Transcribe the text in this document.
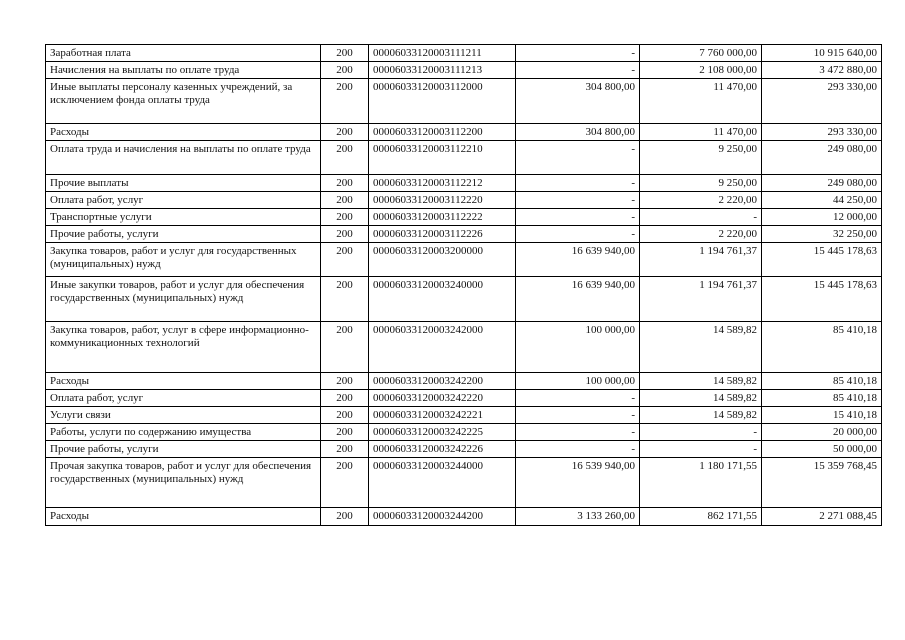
Заработная плата	200	00006033120003111211	-	7 760 000,00	10 915 640,00
Начисления на выплаты по оплате труда	200	00006033120003111213	-	2 108 000,00	3 472 880,00
Иные выплаты персоналу казенных учреждений, за исключением фонда оплаты труда	200	00006033120003112000	304 800,00	11 470,00	293 330,00
Расходы	200	00006033120003112200	304 800,00	11 470,00	293 330,00
Оплата труда и начисления на выплаты по оплате труда	200	00006033120003112210	-	9 250,00	249 080,00
Прочие выплаты	200	00006033120003112212	-	9 250,00	249 080,00
Оплата работ, услуг	200	00006033120003112220	-	2 220,00	44 250,00
Транспортные услуги	200	00006033120003112222	-	-	12 000,00
Прочие работы, услуги	200	00006033120003112226	-	2 220,00	32 250,00
Закупка товаров, работ и услуг для государственных (муниципальных) нужд	200	00006033120003200000	16 639 940,00	1 194 761,37	15 445 178,63
Иные закупки товаров, работ и услуг для обеспечения государственных (муниципальных) нужд	200	00006033120003240000	16 639 940,00	1 194 761,37	15 445 178,63
Закупка товаров, работ, услуг в сфере информационно-коммуникационных технологий	200	00006033120003242000	100 000,00	14 589,82	85 410,18
Расходы	200	00006033120003242200	100 000,00	14 589,82	85 410,18
Оплата работ, услуг	200	00006033120003242220	-	14 589,82	85 410,18
Услуги связи	200	00006033120003242221	-	14 589,82	15 410,18
Работы, услуги по содержанию имущества	200	00006033120003242225	-	-	20 000,00
Прочие работы, услуги	200	00006033120003242226	-	-	50 000,00
Прочая закупка товаров, работ и услуг для обеспечения государственных (муниципальных) нужд	200	00006033120003244000	16 539 940,00	1 180 171,55	15 359 768,45
Расходы	200	00006033120003244200	3 133 260,00	862 171,55	2 271 088,45
